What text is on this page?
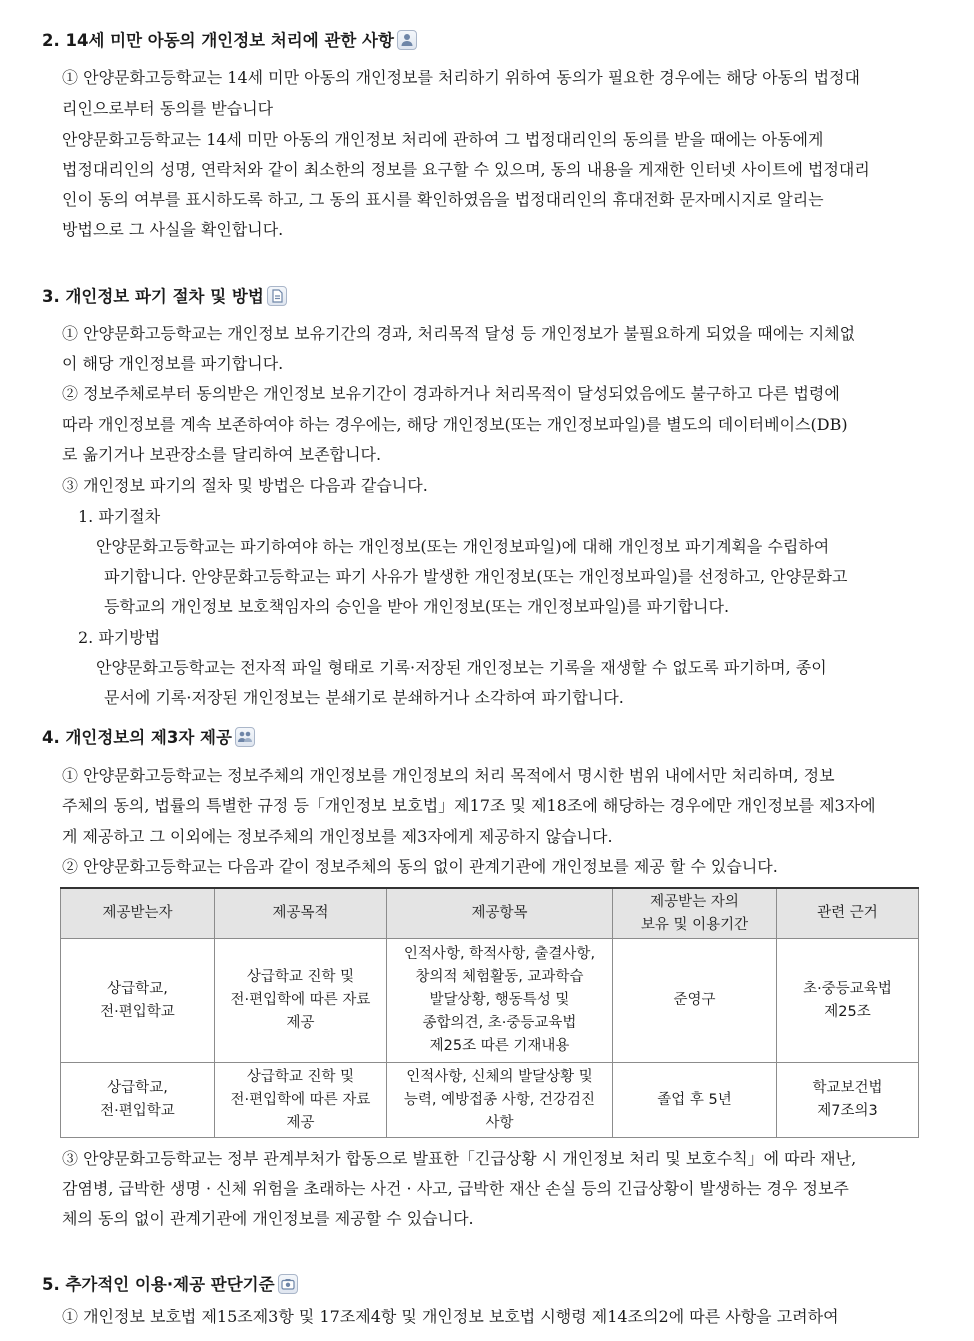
2. 14세 미만 아동의 개인정보 처리에 관한 사항
① 안양문화고등학교는 14세 미만 아동의 개인정보를 처리하기 위하여 동의가 필요한 경우에는 해당 아동의 법정대
리인으로부터 동의를 받습니다
안양문화고등학교는 14세 미만 아동의 개인정보 처리에 관하여 그 법정대리인의 동의를 받을 때에는 아동에게
법정대리인의 성명, 연락처와 같이 최소한의 정보를 요구할 수 있으며, 동의 내용을 게재한 인터넷 사이트에 법정대리
인이 동의 여부를 표시하도록 하고, 그 동의 표시를 확인하였음을 법정대리인의 휴대전화 문자메시지로 알리는
방법으로 그 사실을 확인합니다.
3. 개인정보 파기 절차 및 방법
① 안양문화고등학교는 개인정보 보유기간의 경과, 처리목적 달성 등 개인정보가 불필요하게 되었을 때에는 지체없
이 해당 개인정보를 파기합니다.
② 정보주체로부터 동의받은 개인정보 보유기간이 경과하거나 처리목적이 달성되었음에도 불구하고 다른 법령에
따라 개인정보를 계속 보존하여야 하는 경우에는, 해당 개인정보(또는 개인정보파일)를 별도의 데이터베이스(DB)
로 옮기거나 보관장소를 달리하여 보존합니다.
③ 개인정보 파기의 절차 및 방법은 다음과 같습니다.
1. 파기절차
안양문화고등학교는 파기하여야 하는 개인정보(또는 개인정보파일)에 대해 개인정보 파기계획을 수립하여
파기합니다. 안양문화고등학교는 파기 사유가 발생한 개인정보(또는 개인정보파일)를 선정하고, 안양문화고
등학교의 개인정보 보호책임자의 승인을 받아 개인정보(또는 개인정보파일)를 파기합니다.
2. 파기방법
안양문화고등학교는 전자적 파일 형태로 기록·저장된 개인정보는 기록을 재생할 수 없도록 파기하며, 종이
문서에 기록·저장된 개인정보는 분쇄기로 분쇄하거나 소각하여 파기합니다.
4. 개인정보의 제3자 제공
① 안양문화고등학교는 정보주체의 개인정보를 개인정보의 처리 목적에서 명시한 범위 내에서만 처리하며, 정보
주체의 동의, 법률의 특별한 규정 등「개인정보 보호법」제17조 및 제18조에 해당하는 경우에만 개인정보를 제3자에
게 제공하고 그 이외에는 정보주체의 개인정보를 제3자에게 제공하지 않습니다.
② 안양문화고등학교는 다음과 같이 정보주체의 동의 없이 관계기관에 개인정보를 제공 할 수 있습니다.
제공받는자	제공목적	제공항목	제공받는 자의
보유 및 이용기간	관련 근거

상급학교,
전·편입학교	상급학교 진학 및
전·편입학에 따른 자료
제공	인적사항, 학적사항, 출결사항,
창의적 체험활동, 교과학습
발달상황, 행동특성 및
종합의견, 초·중등교육법
제25조 따른 기재내용	준영구	초·중등교육법
제25조

상급학교,
전·편입학교	상급학교 진학 및
전·편입학에 따른 자료
제공	인적사항, 신체의 발달상황 및
능력, 예방접종 사항, 건강검진
사항	졸업 후 5년	학교보건법
제7조의3
③ 안양문화고등학교는 정부 관계부처가 합동으로 발표한「긴급상황 시 개인정보 처리 및 보호수칙」에 따라 재난,
감염병, 급박한 생명 · 신체 위험을 초래하는 사건 · 사고, 급박한 재산 손실 등의 긴급상황이 발생하는 경우 정보주
체의 동의 없이 관계기관에 개인정보를 제공할 수 있습니다.
5. 추가적인 이용·제공 판단기준
① 개인정보 보호법 제15조제3항 및 17조제4항 및 개인정보 보호법 시행령 제14조의2에 따른 사항을 고려하여
